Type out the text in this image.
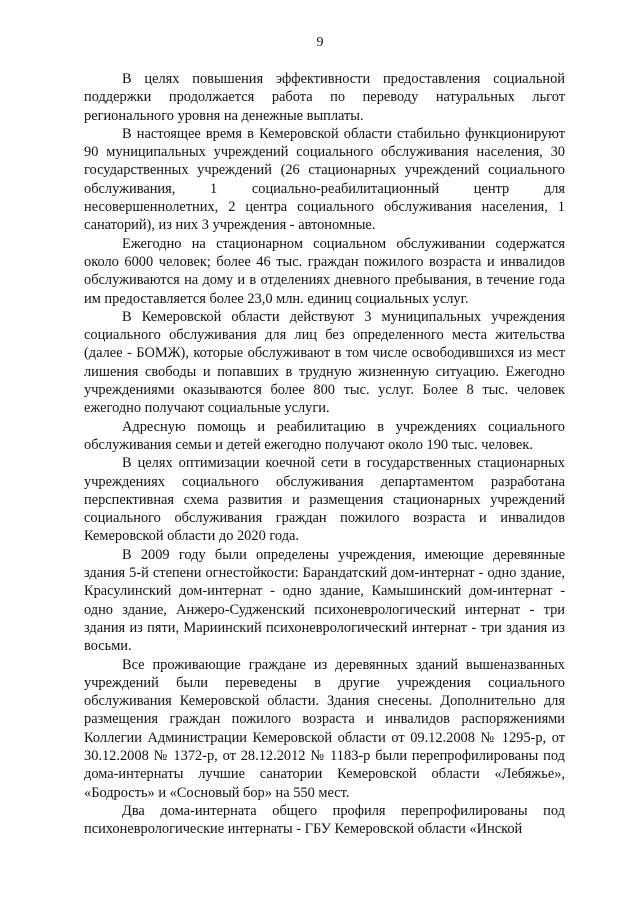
9

В целях повышения эффективности предоставления социальной поддержки продолжается работа по переводу натуральных льгот регионального уровня на денежные выплаты.

В настоящее время в Кемеровской области стабильно функционируют 90 муниципальных учреждений социального обслуживания населения, 30 государственных учреждений (26 стационарных учреждений социального обслуживания, 1 социально-реабилитационный центр для несовершеннолетних, 2 центра социального обслуживания населения, 1 санаторий), из них 3 учреждения - автономные.

Ежегодно на стационарном социальном обслуживании содержатся около 6000 человек; более 46 тыс. граждан пожилого возраста и инвалидов обслуживаются на дому и в отделениях дневного пребывания, в течение года им предоставляется более 23,0 млн. единиц социальных услуг.

В Кемеровской области действуют 3 муниципальных учреждения социального обслуживания для лиц без определенного места жительства (далее - БОМЖ), которые обслуживают в том числе освободившихся из мест лишения свободы и попавших в трудную жизненную ситуацию. Ежегодно учреждениями оказываются более 800 тыс. услуг. Более 8 тыс. человек ежегодно получают социальные услуги.

Адресную помощь и реабилитацию в учреждениях социального обслуживания семьи и детей ежегодно получают около 190 тыс. человек.

В целях оптимизации коечной сети в государственных стационарных учреждениях социального обслуживания департаментом разработана перспективная схема развития и размещения стационарных учреждений социального обслуживания граждан пожилого возраста и инвалидов Кемеровской области до 2020 года.

В 2009 году были определены учреждения, имеющие деревянные здания 5-й степени огнестойкости: Барандатский дом-интернат - одно здание, Красулинский дом-интернат - одно здание, Камышинский дом-интернат - одно здание, Анжеро-Судженский психоневрологический интернат - три здания из пяти, Мариинский психоневрологический интернат - три здания из восьми.

Все проживающие граждане из деревянных зданий вышеназванных учреждений были переведены в другие учреждения социального обслуживания Кемеровской области. Здания снесены. Дополнительно для размещения граждан пожилого возраста и инвалидов распоряжениями Коллегии Администрации Кемеровской области от 09.12.2008 № 1295-р, от 30.12.2008 № 1372-р, от 28.12.2012 № 1183-р были перепрофилированы под дома-интернаты лучшие санатории Кемеровской области «Лебяжье», «Бодрость» и «Сосновый бор» на 550 мест.

Два дома-интерната общего профиля перепрофилированы под психоневрологические интернаты - ГБУ Кемеровской области «Инской
